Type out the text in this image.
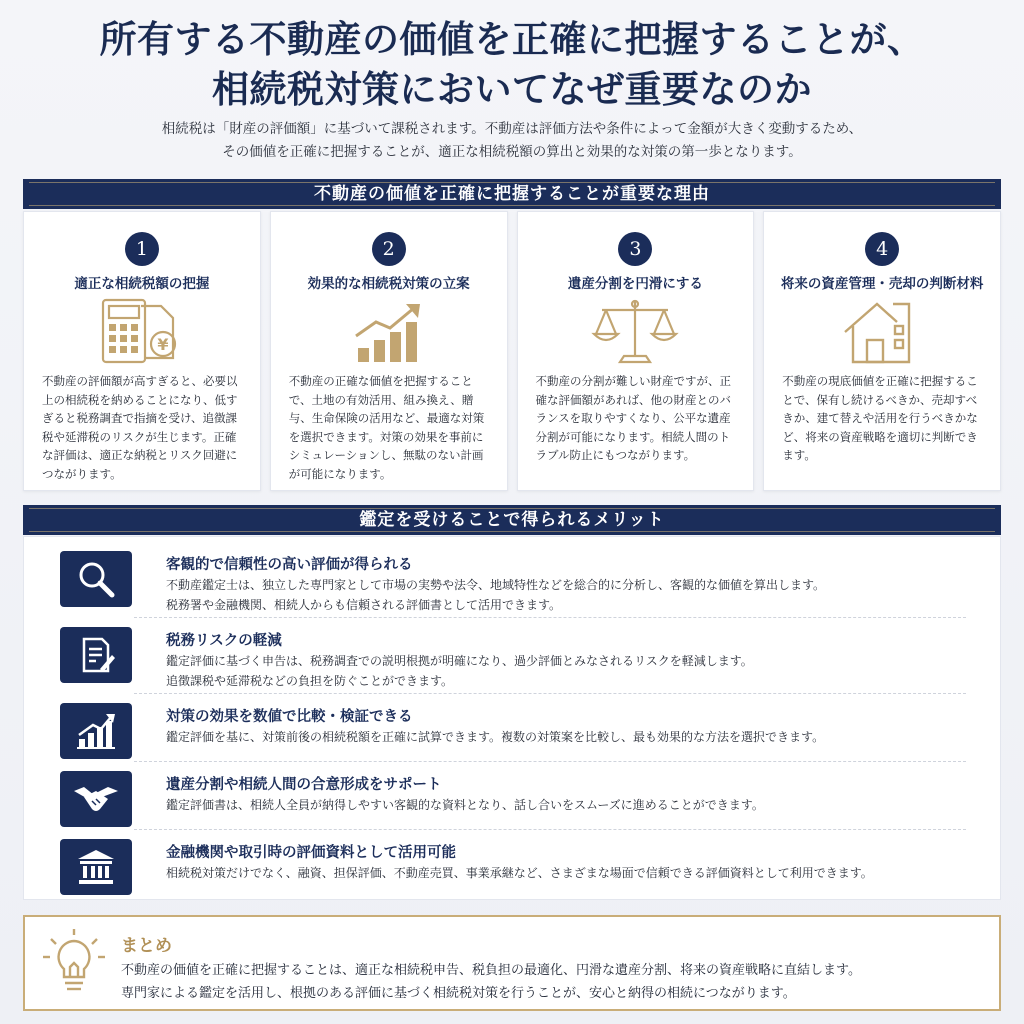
所有する不動産の価値を正確に把握することが、
相続税対策においてなぜ重要なのか
相続税は「財産の評価額」に基づいて課税されます。不動産は評価方法や条件によって金額が大きく変動するため、
その価値を正確に把握することが、適正な相続税額の算出と効果的な対策の第一歩となります。
不動産の価値を正確に把握することが重要な理由
1
適正な相続税額の把握
¥
不動産の評価額が高すぎると、必要以上の相続税を納めることになり、低すぎると税務調査で指摘を受け、追徴課税や延滞税のリスクが生じます。正確な評価は、適正な納税とリスク回避につながります。
2
効果的な相続税対策の立案
不動産の正確な価値を把握することで、土地の有効活用、組み換え、贈与、生命保険の活用など、最適な対策を選択できます。対策の効果を事前にシミュレーションし、無駄のない計画が可能になります。
3
遺産分割を円滑にする
不動産の分割が難しい財産ですが、正確な評価額があれば、他の財産とのバランスを取りやすくなり、公平な遺産分割が可能になります。相続人間のトラブル防止にもつながります。
4
将来の資産管理・売却の判断材料
不動産の現底価値を正確に把握することで、保有し続けるべきか、売却すべきか、建て替えや活用を行うべきかなど、将来の資産戦略を適切に判断できます。
鑑定を受けることで得られるメリット
客観的で信頼性の高い評価が得られる
不動産鑑定士は、独立した専門家として市場の実勢や法令、地域特性などを総合的に分析し、客観的な価値を算出します。
税務署や金融機関、相続人からも信頼される評価書として活用できます。
税務リスクの軽減
鑑定評価に基づく申告は、税務調査での説明根拠が明確になり、過少評価とみなされるリスクを軽減します。
追徴課税や延滞税などの負担を防ぐことができます。
対策の効果を数値で比較・検証できる
鑑定評価を基に、対策前後の相続税額を正確に試算できます。複数の対策案を比較し、最も効果的な方法を選択できます。
遺産分割や相続人間の合意形成をサポート
鑑定評価書は、相続人全員が納得しやすい客観的な資料となり、話し合いをスムーズに進めることができます。
金融機関や取引時の評価資料として活用可能
相続税対策だけでなく、融資、担保評価、不動産売買、事業承継など、さまざまな場面で信頼できる評価資料として利用できます。
まとめ
不動産の価値を正確に把握することは、適正な相続税申告、税負担の最適化、円滑な遺産分割、将来の資産戦略に直結します。
専門家による鑑定を活用し、根拠のある評価に基づく相続税対策を行うことが、安心と納得の相続につながります。
